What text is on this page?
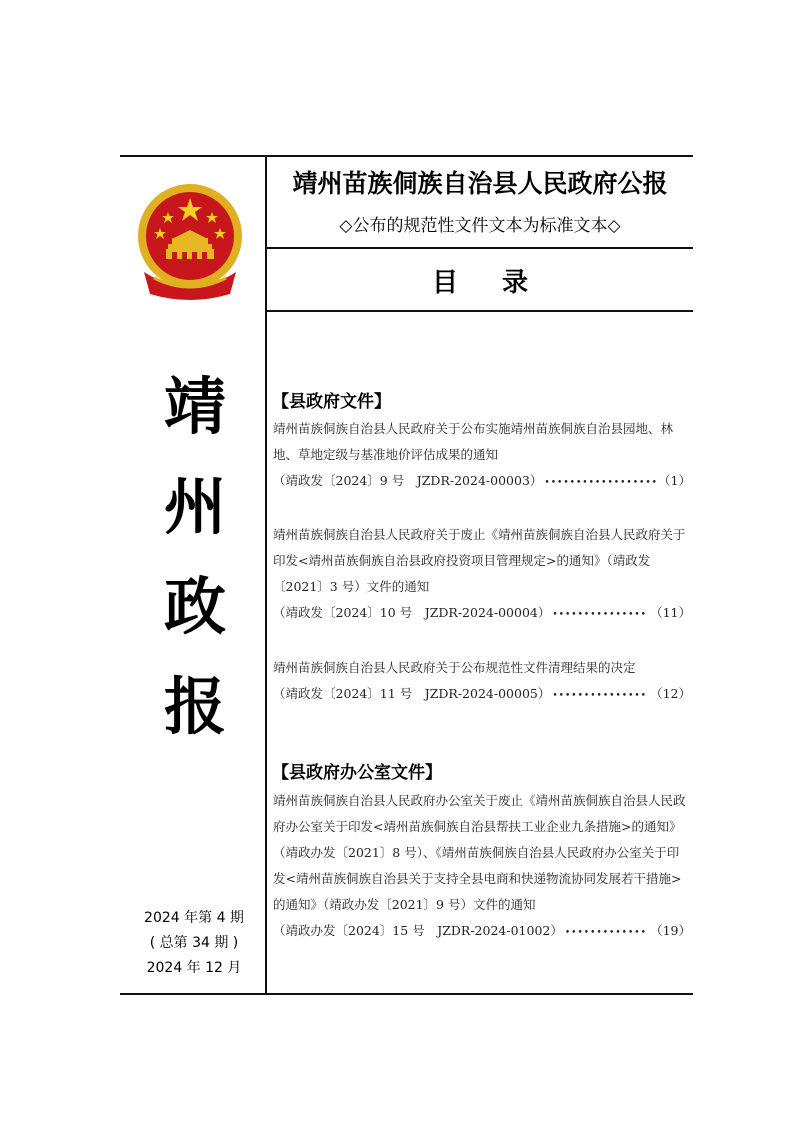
靖
州
政
报
2024 年第 4 期
( 总第 34 期 )
2024 年 12 月
靖州苗族侗族自治县人民政府公报
◇公布的规范性文件文本为标准文本◇
目录
【县政府文件】
靖州苗族侗族自治县人民政府关于公布实施靖州苗族侗族自治县园地、林地、草地定级与基准地价评估成果的通知
（靖政发〔2024〕9 号　JZDR-2024-00003） •••••	（1）
靖州苗族侗族自治县人民政府关于废止《靖州苗族侗族自治县人民政府关于印发<靖州苗族侗族自治县政府投资项目管理规定>的通知》（靖政发〔2021〕3 号）文件的通知
（靖政发〔2024〕10 号　JZDR-2024-00004） •••••	（11）
靖州苗族侗族自治县人民政府关于公布规范性文件清理结果的决定
（靖政发〔2024〕11 号　JZDR-2024-00005） •••••	（12）
【县政府办公室文件】
靖州苗族侗族自治县人民政府办公室关于废止《靖州苗族侗族自治县人民政府办公室关于印发<靖州苗族侗族自治县帮扶工业企业九条措施>的通知》（靖政办发〔2021〕8 号）、《靖州苗族侗族自治县人民政府办公室关于印发<靖州苗族侗族自治县关于支持全县电商和快递物流协同发展若干措施>的通知》（靖政办发〔2021〕9 号）文件的通知
（靖政办发〔2024〕15 号　JZDR-2024-01002） •••••	（19）
